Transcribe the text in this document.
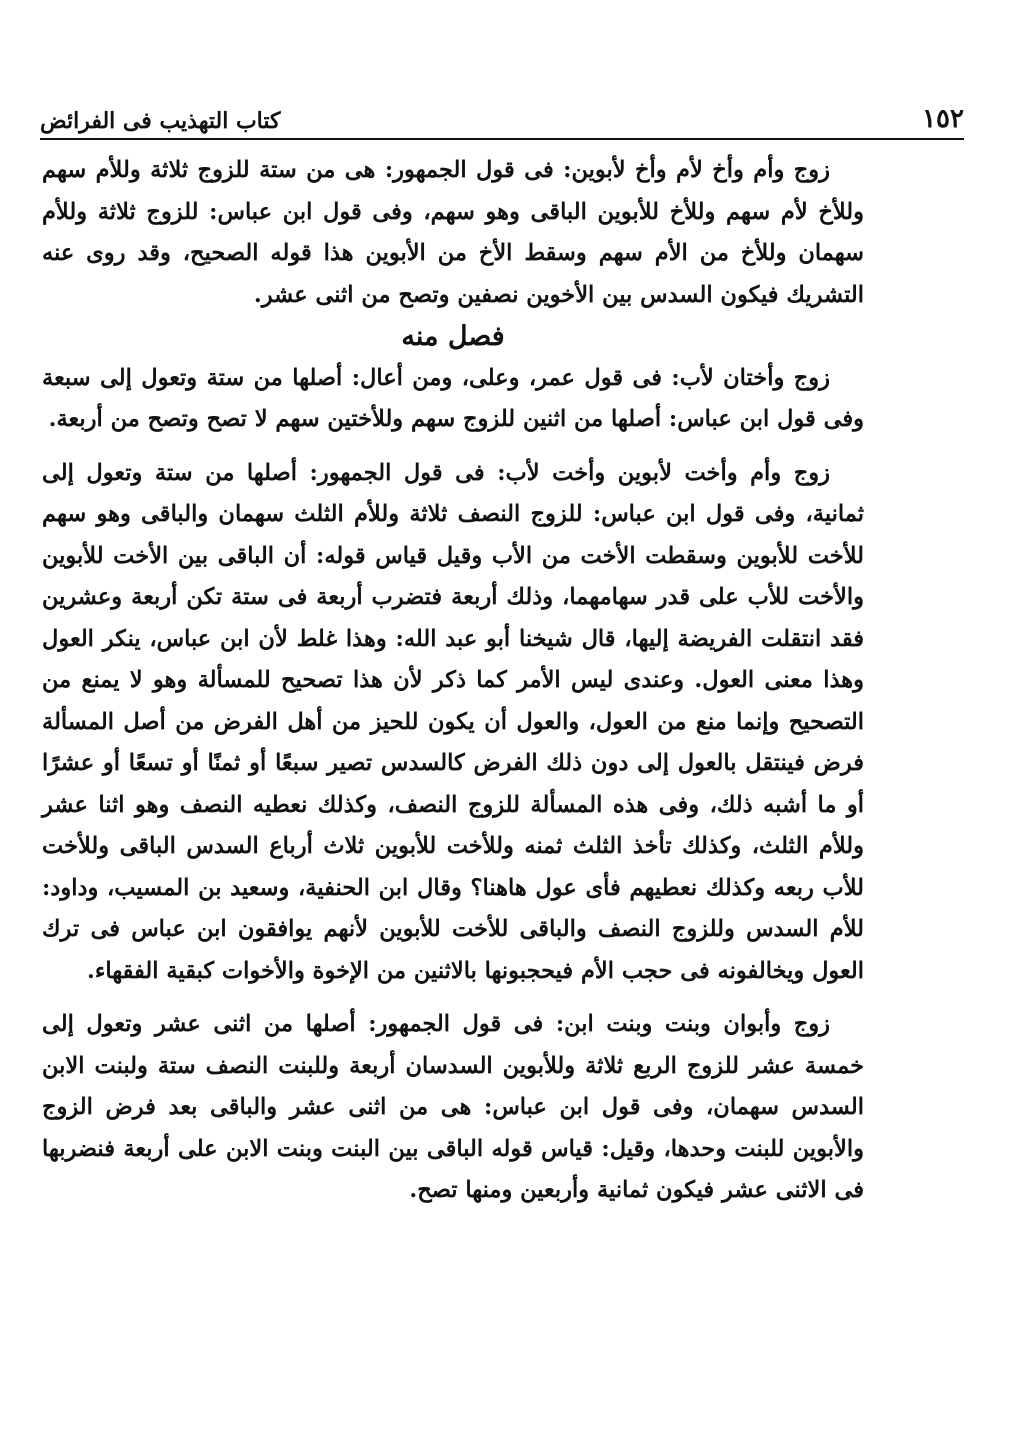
١٥٢
كتاب التهذيب فى الفرائض

زوج وأم وأخ لأم وأخ لأبوين: فى قول الجمهور: هى من ستة للزوج ثلاثة وللأم سهم وللأخ لأم سهم وللأخ للأبوين الباقى وهو سهم، وفى قول ابن عباس: للزوج ثلاثة وللأم سهمان وللأخ من الأم سهم وسقط الأخ من الأبوين هذا قوله الصحيح، وقد روى عنه التشريك فيكون السدس بين الأخوين نصفين وتصح من اثنى عشر.

فصل منه

زوج وأختان لأب: فى قول عمر، وعلى، ومن أعال: أصلها من ستة وتعول إلى سبعة وفى قول ابن عباس: أصلها من اثنين للزوج سهم وللأختين سهم لا تصح وتصح من أربعة.

زوج وأم وأخت لأبوين وأخت لأب: فى قول الجمهور: أصلها من ستة وتعول إلى ثمانية، وفى قول ابن عباس: للزوج النصف ثلاثة وللأم الثلث سهمان والباقى وهو سهم للأخت للأبوين وسقطت الأخت من الأب وقيل قياس قوله: أن الباقى بين الأخت للأبوين والأخت للأب على قدر سهامهما، وذلك أربعة فتضرب أربعة فى ستة تكن أربعة وعشرين فقد انتقلت الفريضة إليها، قال شيخنا أبو عبد الله: وهذا غلط لأن ابن عباس، ينكر العول وهذا معنى العول. وعندى ليس الأمر كما ذكر لأن هذا تصحيح للمسألة وهو لا يمنع من التصحيح وإنما منع من العول، والعول أن يكون للحيز من أهل الفرض من أصل المسألة فرض فينتقل بالعول إلى دون ذلك الفرض كالسدس تصير سبعًا أو ثمنًا أو تسعًا أو عشرًا أو ما أشبه ذلك، وفى هذه المسألة للزوج النصف، وكذلك نعطيه النصف وهو اثنا عشر وللأم الثلث، وكذلك تأخذ الثلث ثمنه وللأخت للأبوين ثلاث أرباع السدس الباقى وللأخت للأب ربعه وكذلك نعطيهم فأى عول هاهنا؟ وقال ابن الحنفية، وسعيد بن المسيب، وداود: للأم السدس وللزوج النصف والباقى للأخت للأبوين لأنهم يوافقون ابن عباس فى ترك العول ويخالفونه فى حجب الأم فيحجبونها بالاثنين من الإخوة والأخوات كبقية الفقهاء.

زوج وأبوان وبنت وبنت ابن: فى قول الجمهور: أصلها من اثنى عشر وتعول إلى خمسة عشر للزوج الربع ثلاثة وللأبوين السدسان أربعة وللبنت النصف ستة ولبنت الابن السدس سهمان، وفى قول ابن عباس: هى من اثنى عشر والباقى بعد فرض الزوج والأبوين للبنت وحدها، وقيل: قياس قوله الباقى بين البنت وبنت الابن على أربعة فنضربها فى الاثنى عشر فيكون ثمانية وأربعين ومنها تصح.
